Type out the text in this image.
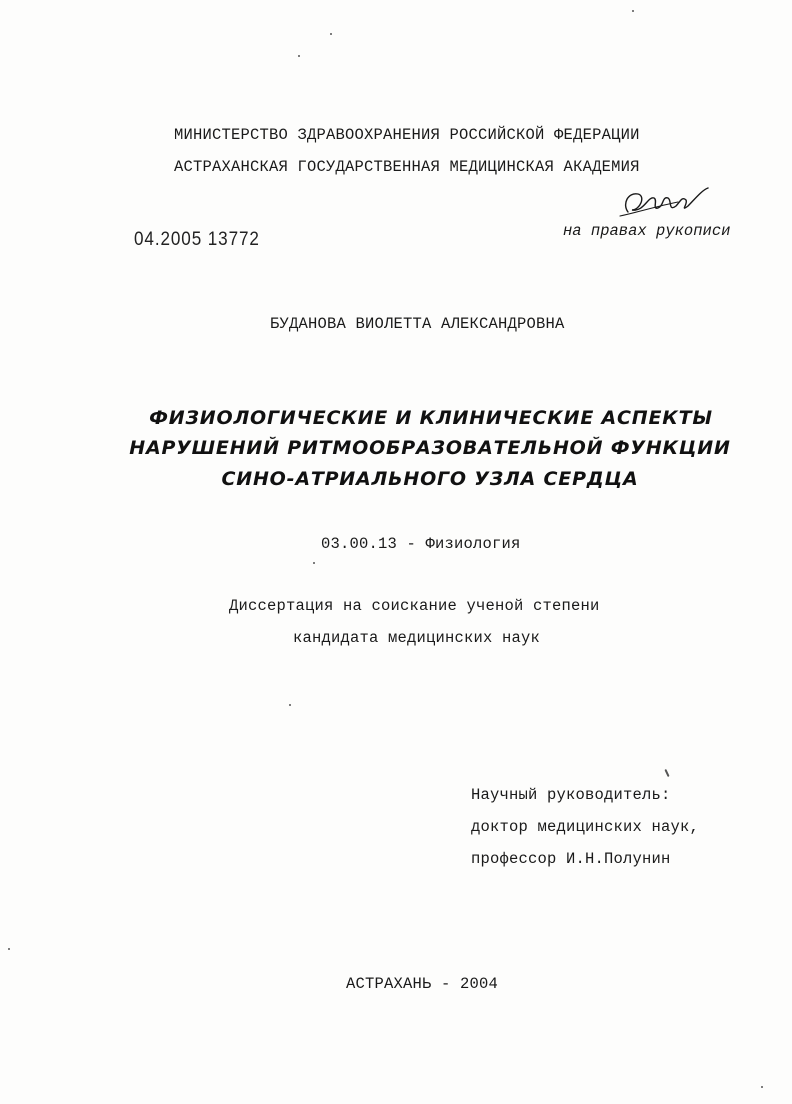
МИНИСТЕРСТВО ЗДРАВООХРАНЕНИЯ РОССИЙСКОЙ ФЕДЕРАЦИИ
АСТРАХАНСКАЯ ГОСУДАРСТВЕННАЯ МЕДИЦИНСКАЯ АКАДЕМИЯ
04.2005 13772	на правах рукописи
БУДАНОВА ВИОЛЕТТА АЛЕКСАНДРОВНА
ФИЗИОЛОГИЧЕСКИЕ И КЛИНИЧЕСКИЕ АСПЕКТЫ
НАРУШЕНИЙ РИТМООБРАЗОВАТЕЛЬНОЙ ФУНКЦИИ
СИНО-АТРИАЛЬНОГО УЗЛА СЕРДЦА
03.00.13 - Физиология
Диссертация на соискание ученой степени
кандидата медицинских наук
Научный руководитель:
доктор медицинских наук,
профессор И.Н.Полунин
АСТРАХАНЬ - 2004
